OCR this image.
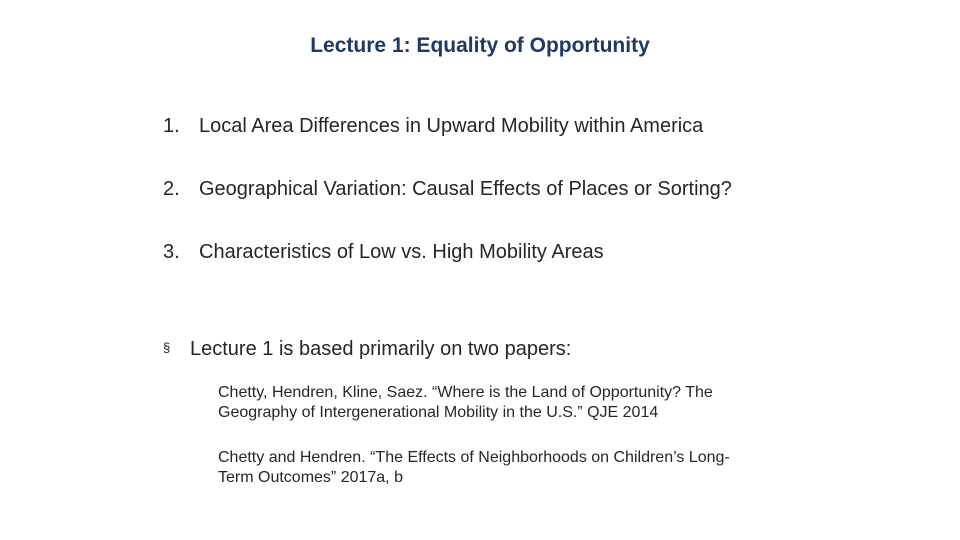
Lecture 1: Equality of Opportunity
1. Local Area Differences in Upward Mobility within America
2. Geographical Variation: Causal Effects of Places or Sorting?
3. Characteristics of Low vs. High Mobility Areas
§ Lecture 1 is based primarily on two papers:
Chetty, Hendren, Kline, Saez. “Where is the Land of Opportunity? The
Geography of Intergenerational Mobility in the U.S.” QJE 2014
Chetty and Hendren. “The Effects of Neighborhoods on Children’s Long-
Term Outcomes” 2017a, b
